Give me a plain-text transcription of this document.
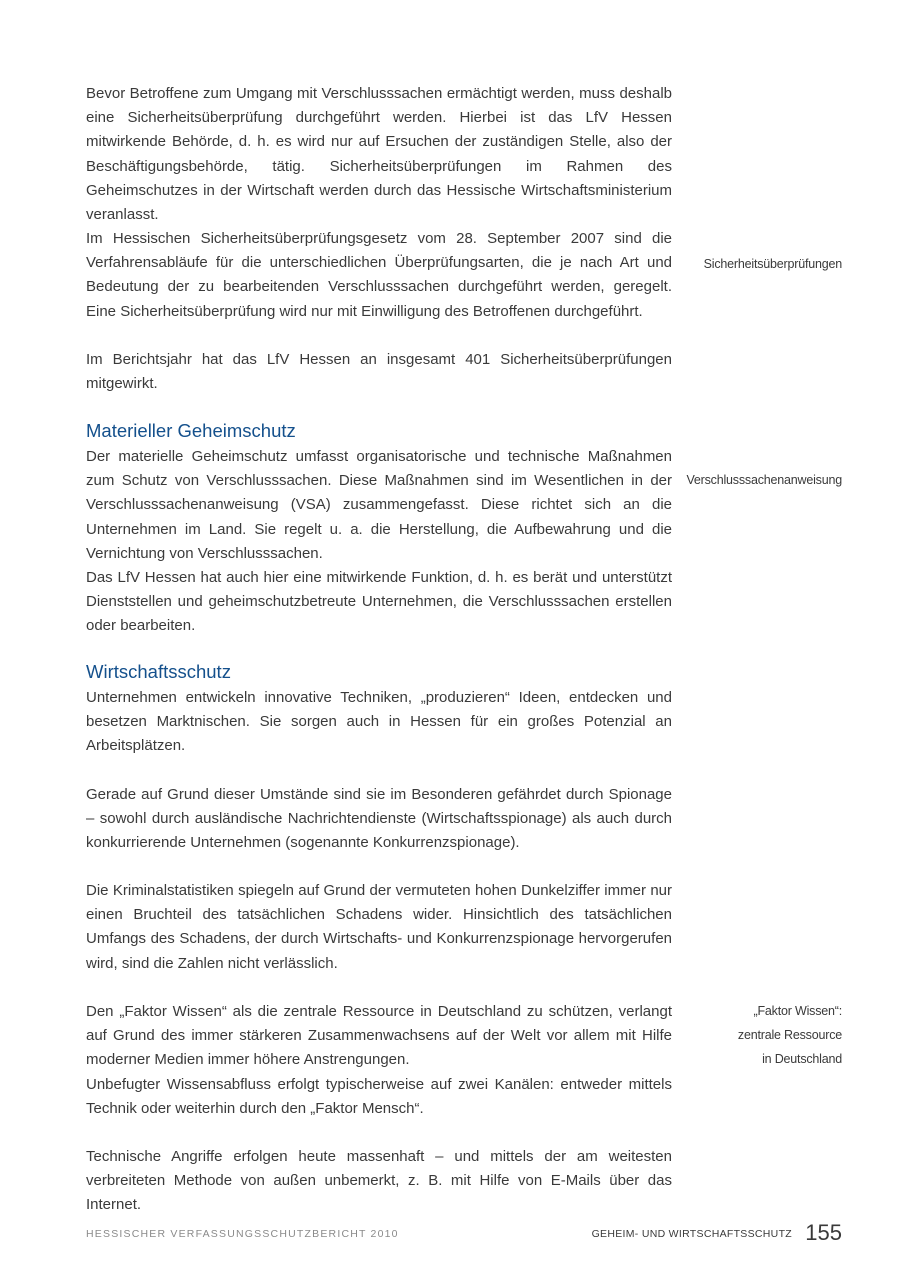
Bevor Betroffene zum Umgang mit Verschlusssachen ermächtigt werden, muss deshalb eine Sicherheitsüberprüfung durchgeführt werden. Hierbei ist das LfV Hessen mitwirkende Behörde, d. h. es wird nur auf Ersuchen der zuständigen Stelle, also der Beschäftigungsbehörde, tätig. Sicherheitsüberprüfungen im Rahmen des Geheimschutzes in der Wirtschaft werden durch das Hessische Wirtschaftsministerium veranlasst.

Im Hessischen Sicherheitsüberprüfungsgesetz vom 28. September 2007 sind die Verfahrensabläufe für die unterschiedlichen Überprüfungsarten, die je nach Art und Bedeutung der zu bearbeitenden Verschlusssachen durchgeführt werden, geregelt. Eine Sicherheitsüberprüfung wird nur mit Einwilligung des Betroffenen durchgeführt.

Im Berichtsjahr hat das LfV Hessen an insgesamt 401 Sicherheitsüberprüfungen mitgewirkt.

Materieller Geheimschutz

Der materielle Geheimschutz umfasst organisatorische und technische Maßnahmen zum Schutz von Verschlusssachen. Diese Maßnahmen sind im Wesentlichen in der Verschlusssachenanweisung (VSA) zusammengefasst. Diese richtet sich an die Unternehmen im Land. Sie regelt u. a. die Herstellung, die Aufbewahrung und die Vernichtung von Verschlusssachen.

Das LfV Hessen hat auch hier eine mitwirkende Funktion, d. h. es berät und unterstützt Dienststellen und geheimschutzbetreute Unternehmen, die Verschlusssachen erstellen oder bearbeiten.

Wirtschaftsschutz

Unternehmen entwickeln innovative Techniken, „produzieren“ Ideen, entdecken und besetzen Marktnischen. Sie sorgen auch in Hessen für ein großes Potenzial an Arbeitsplätzen.

Gerade auf Grund dieser Umstände sind sie im Besonderen gefährdet durch Spionage – sowohl durch ausländische Nachrichtendienste (Wirtschaftsspionage) als auch durch konkurrierende Unternehmen (sogenannte Konkurrenzspionage).

Die Kriminalstatistiken spiegeln auf Grund der vermuteten hohen Dunkelziffer immer nur einen Bruchteil des tatsächlichen Schadens wider. Hinsichtlich des tatsächlichen Umfangs des Schadens, der durch Wirtschafts- und Konkurrenzspionage hervorgerufen wird, sind die Zahlen nicht verlässlich.

Den „Faktor Wissen“ als die zentrale Ressource in Deutschland zu schützen, verlangt auf Grund des immer stärkeren Zusammenwachsens auf der Welt vor allem mit Hilfe moderner Medien immer höhere Anstrengungen.

Unbefugter Wissensabfluss erfolgt typischerweise auf zwei Kanälen: entweder mittels Technik oder weiterhin durch den „Faktor Mensch“.

Technische Angriffe erfolgen heute massenhaft – und mittels der am weitesten verbreiteten Methode von außen unbemerkt, z. B. mit Hilfe von E-Mails über das Internet.

Sicherheitsüberprüfungen
Verschlusssachenanweisung
„Faktor Wissen“:
zentrale Ressource
in Deutschland
HESSISCHER VERFASSUNGSSCHUTZBERICHT 2010	GEHEIM- UND WIRTSCHAFTSSCHUTZ 155
